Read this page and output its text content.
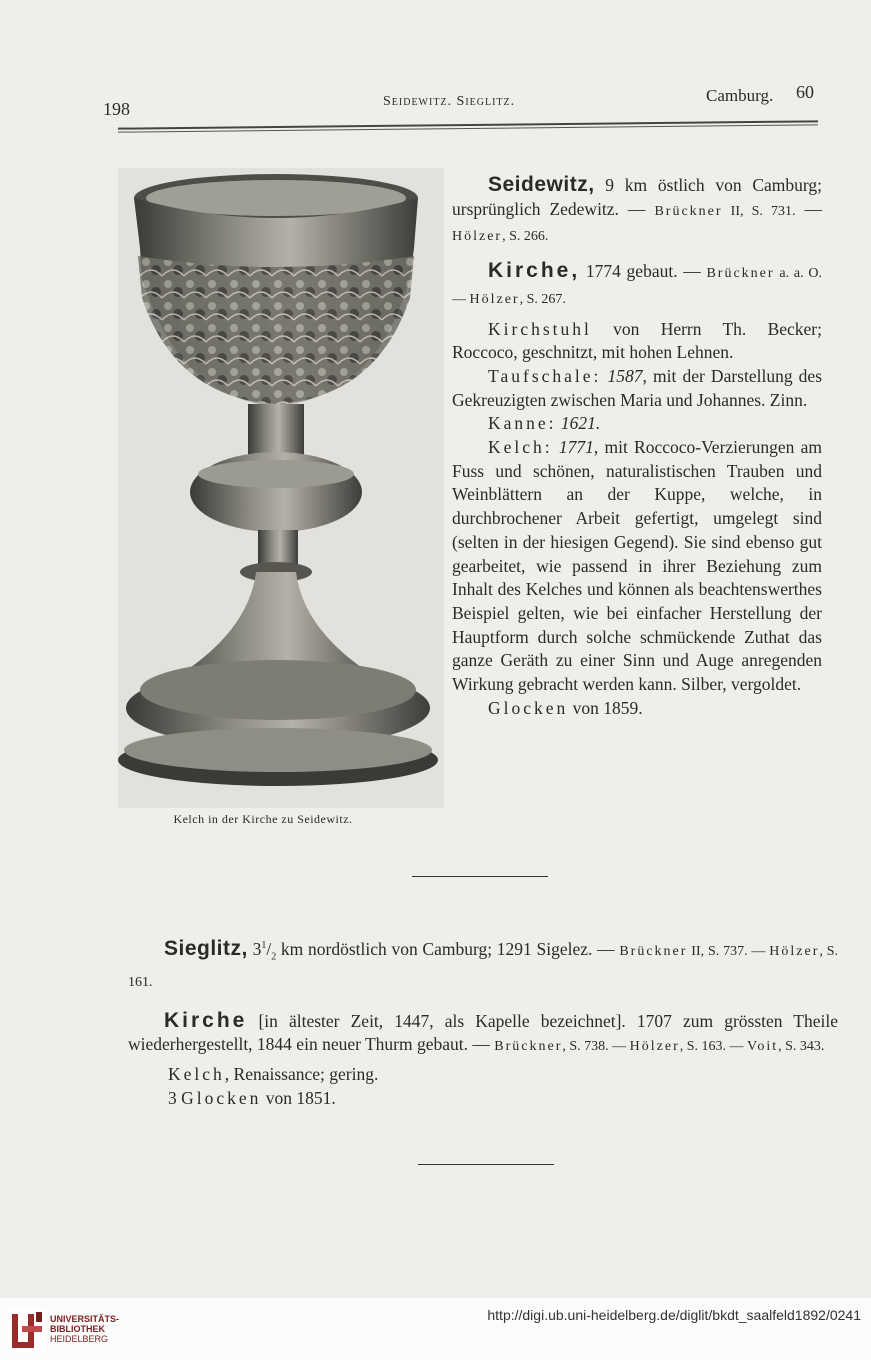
198	Seidewitz. Sieglitz.	Camburg. 60
Kelch in der Kirche zu Seidewitz.

Seidewitz, 9 km östlich von Camburg; ursprünglich Zedewitz. — Brückner II, S. 731. — Hölzer, S. 266.

Kirche, 1774 gebaut. — Brückner a. a. O. — Hölzer, S. 267.

Kirchstuhl von Herrn Th. Becker; Roccoco, geschnitzt, mit hohen Lehnen.

Taufschale: 1587, mit der Darstellung des Gekreuzigten zwischen Maria und Johannes. Zinn.

Kanne: 1621.

Kelch: 1771, mit Roccoco-Verzierungen am Fuss und schönen, naturalistischen Trauben und Weinblättern an der Kuppe, welche, in durchbrochener Arbeit gefertigt, umgelegt sind (selten in der hiesigen Gegend). Sie sind ebenso gut gearbeitet, wie passend in ihrer Beziehung zum Inhalt des Kelches und können als beachtenswerthes Beispiel gelten, wie bei einfacher Herstellung der Hauptform durch solche schmückende Zuthat das ganze Geräth zu einer Sinn und Auge anregenden Wirkung gebracht werden kann. Silber, vergoldet.

Glocken von 1859.

Sieglitz, $3^1/_2$ km nordöstlich von Camburg; 1291 Sigelez. — Brückner II, S. 737. — Hölzer, S. 161.

Kirche [in ältester Zeit, 1447, als Kapelle bezeichnet]. 1707 zum grössten Theile wiederhergestellt, 1844 ein neuer Thurm gebaut. — Brückner, S. 738. — Hölzer, S. 163. — Voit, S. 343.

Kelch, Renaissance; gering.

3 Glocken von 1851.

UNIVERSITÄTS-
BIBLIOTHEK
HEIDELBERG
http://digi.ub.uni-heidelberg.de/diglit/bkdt_saalfeld1892/0241
